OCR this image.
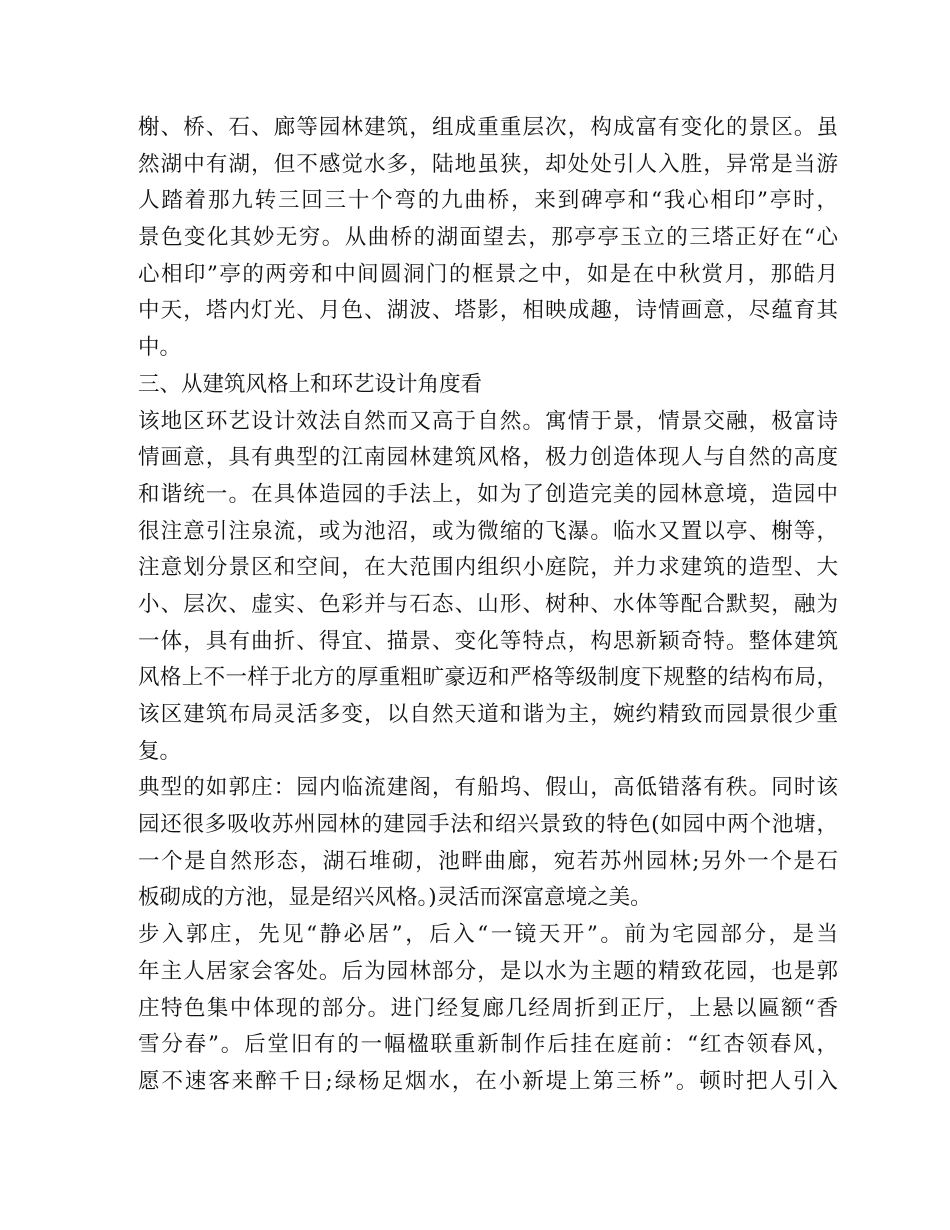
榭、桥、石、廊等园林建筑，组成重重层次，构成富有变化的景区。虽
然湖中有湖，但不感觉水多，陆地虽狭，却处处引人入胜，异常是当游
人踏着那九转三回三十个弯的九曲桥，来到碑亭和“我心相印”亭时，
景色变化其妙无穷。从曲桥的湖面望去，那亭亭玉立的三塔正好在“心
心相印”亭的两旁和中间圆洞门的框景之中，如是在中秋赏月，那皓月
中天，塔内灯光、月色、湖波、塔影，相映成趣，诗情画意，尽蕴育其
中。
三、从建筑风格上和环艺设计角度看
该地区环艺设计效法自然而又高于自然。寓情于景，情景交融，极富诗
情画意，具有典型的江南园林建筑风格，极力创造体现人与自然的高度
和谐统一。在具体造园的手法上，如为了创造完美的园林意境，造园中
很注意引注泉流，或为池沼，或为微缩的飞瀑。临水又置以亭、榭等，
注意划分景区和空间，在大范围内组织小庭院，并力求建筑的造型、大
小、层次、虚实、色彩并与石态、山形、树种、水体等配合默契，融为
一体，具有曲折、得宜、描景、变化等特点，构思新颖奇特。整体建筑
风格上不一样于北方的厚重粗旷豪迈和严格等级制度下规整的结构布局，
该区建筑布局灵活多变，以自然天道和谐为主，婉约精致而园景很少重
复。
典型的如郭庄：园内临流建阁，有船坞、假山，高低错落有秩。同时该
园还很多吸收苏州园林的建园手法和绍兴景致的特色(如园中两个池塘，
一个是自然形态，湖石堆砌，池畔曲廊，宛若苏州园林;另外一个是石
板砌成的方池，显是绍兴风格。)灵活而深富意境之美。
步入郭庄，先见“静必居”，后入“一镜天开”。前为宅园部分，是当
年主人居家会客处。后为园林部分，是以水为主题的精致花园，也是郭
庄特色集中体现的部分。进门经复廊几经周折到正厅，上悬以匾额“香
雪分春”。后堂旧有的一幅楹联重新制作后挂在庭前：“红杏领春风，
愿不速客来醉千日;绿杨足烟水，在小新堤上第三桥”。顿时把人引入
